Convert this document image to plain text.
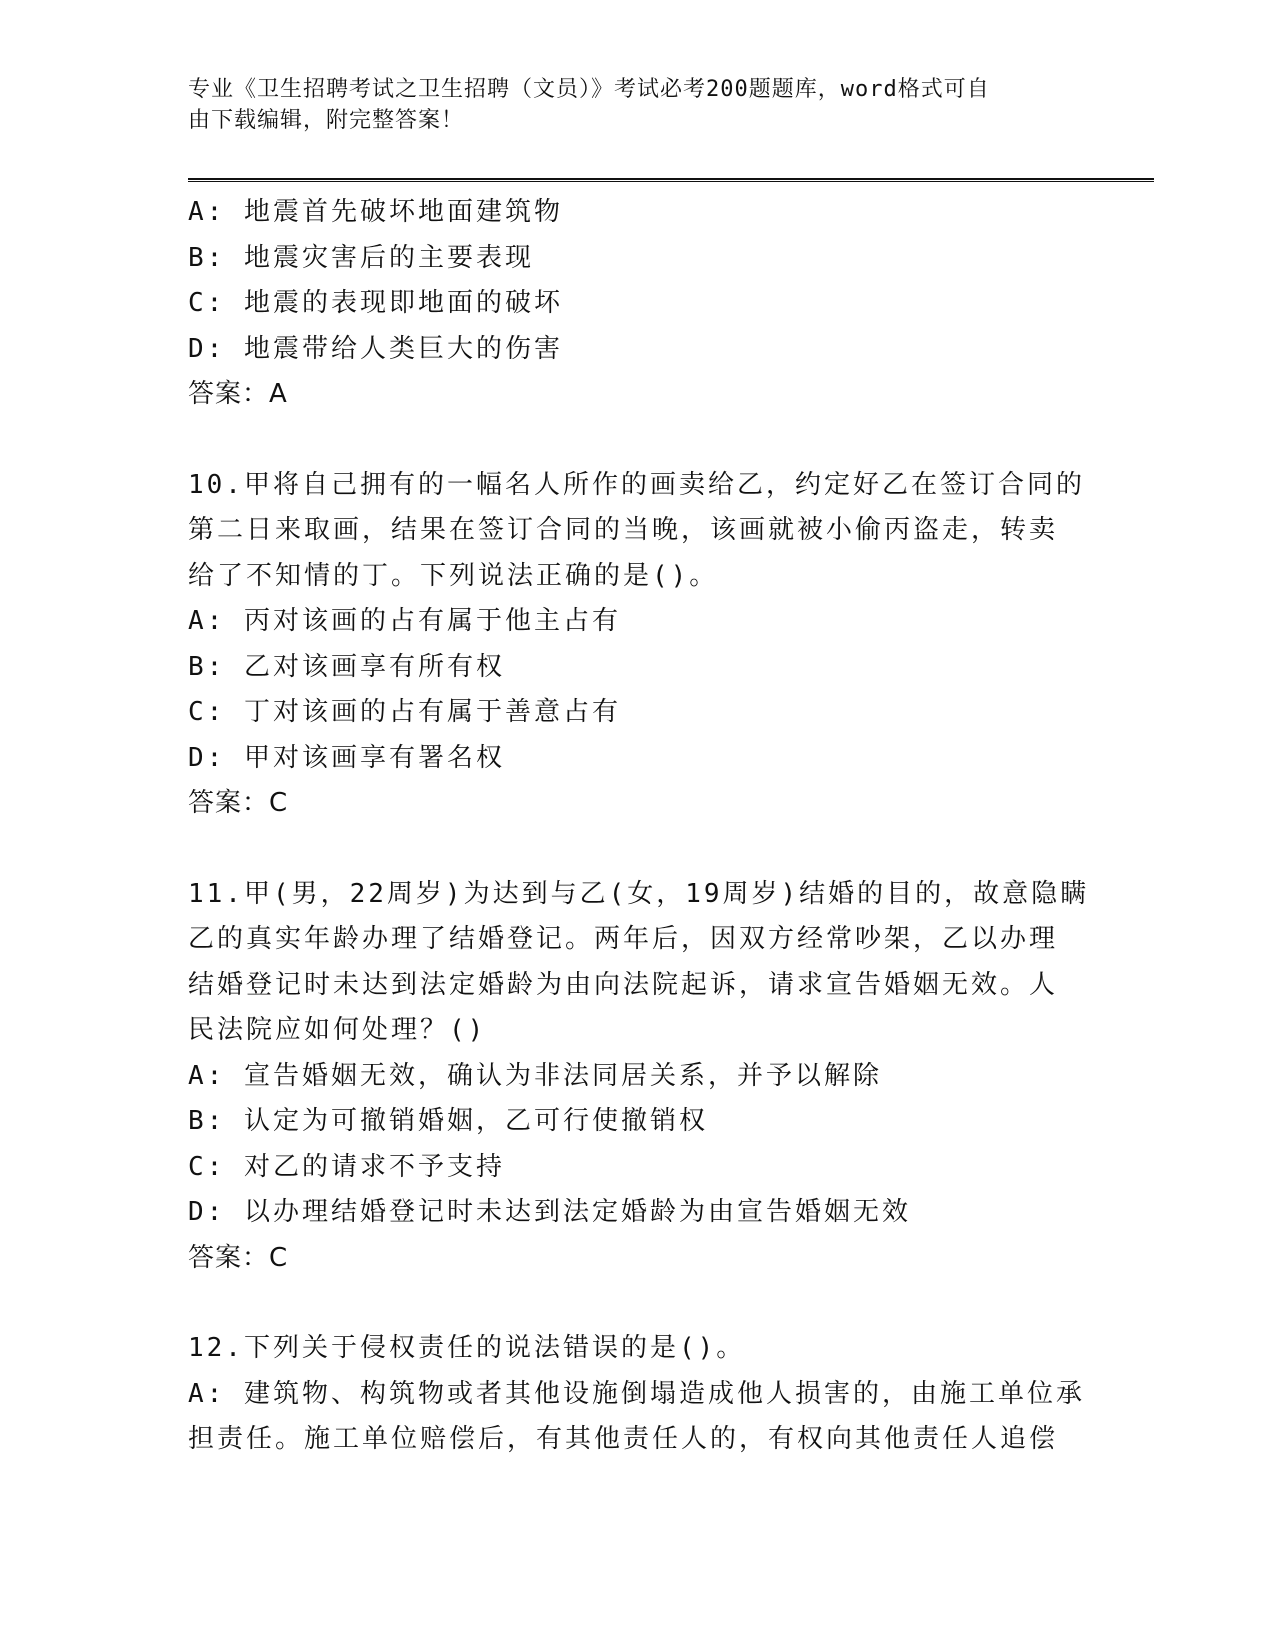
专业《卫生招聘考试之卫生招聘（文员）》考试必考200题题库，word格式可自
由下载编辑，附完整答案！
A: 地震首先破坏地面建筑物
B: 地震灾害后的主要表现
C: 地震的表现即地面的破坏
D: 地震带给人类巨大的伤害
答案：A
10.甲将自己拥有的一幅名人所作的画卖给乙，约定好乙在签订合同的
第二日来取画，结果在签订合同的当晚，该画就被小偷丙盗走，转卖
给了不知情的丁。下列说法正确的是()。
A: 丙对该画的占有属于他主占有
B: 乙对该画享有所有权
C: 丁对该画的占有属于善意占有
D: 甲对该画享有署名权
答案：C
11.甲(男，22周岁)为达到与乙(女，19周岁)结婚的目的，故意隐瞒
乙的真实年龄办理了结婚登记。两年后，因双方经常吵架，乙以办理
结婚登记时未达到法定婚龄为由向法院起诉，请求宣告婚姻无效。人
民法院应如何处理？()
A: 宣告婚姻无效，确认为非法同居关系，并予以解除
B: 认定为可撤销婚姻，乙可行使撤销权
C: 对乙的请求不予支持
D: 以办理结婚登记时未达到法定婚龄为由宣告婚姻无效
答案：C
12.下列关于侵权责任的说法错误的是()。
A: 建筑物、构筑物或者其他设施倒塌造成他人损害的，由施工单位承
担责任。施工单位赔偿后，有其他责任人的，有权向其他责任人追偿
